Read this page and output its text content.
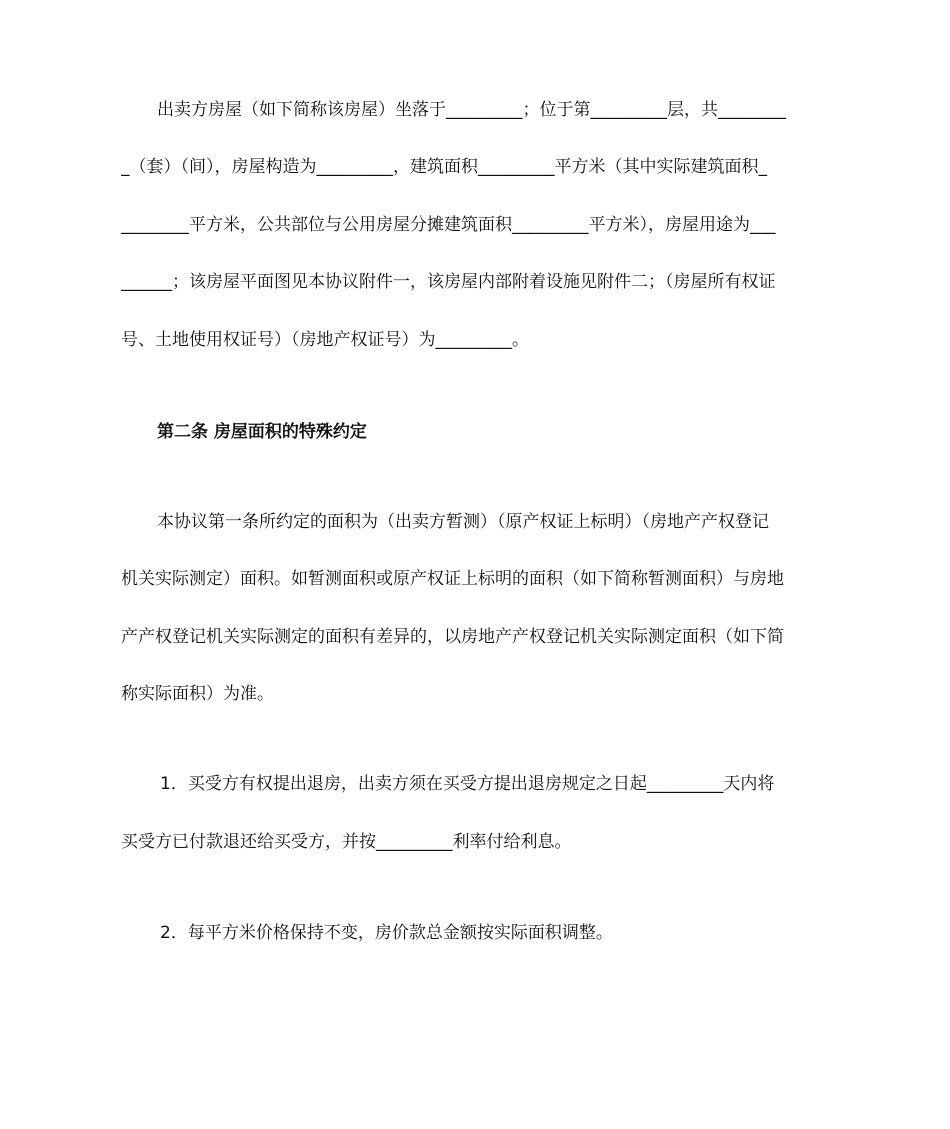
出卖方房屋（如下简称该房屋）坐落于_________；位于第_________层，共________
_（套）（间），房屋构造为_________，建筑面积_________平方米（其中实际建筑面积_
________平方米，公共部位与公用房屋分摊建筑面积_________平方米），房屋用途为___
______；该房屋平面图见本协议附件一，该房屋内部附着设施见附件二；（房屋所有权证
号、土地使用权证号）（房地产权证号）为_________。
第二条 房屋面积的特殊约定
本协议第一条所约定的面积为（出卖方暂测）（原产权证上标明）（房地产产权登记
机关实际测定）面积。如暂测面积或原产权证上标明的面积（如下简称暂测面积）与房地
产产权登记机关实际测定的面积有差异的，以房地产产权登记机关实际测定面积（如下简
称实际面积）为准。
1．买受方有权提出退房，出卖方须在买受方提出退房规定之日起_________天内将
买受方已付款退还给买受方，并按_________利率付给利息。
2．每平方米价格保持不变，房价款总金额按实际面积调整。
